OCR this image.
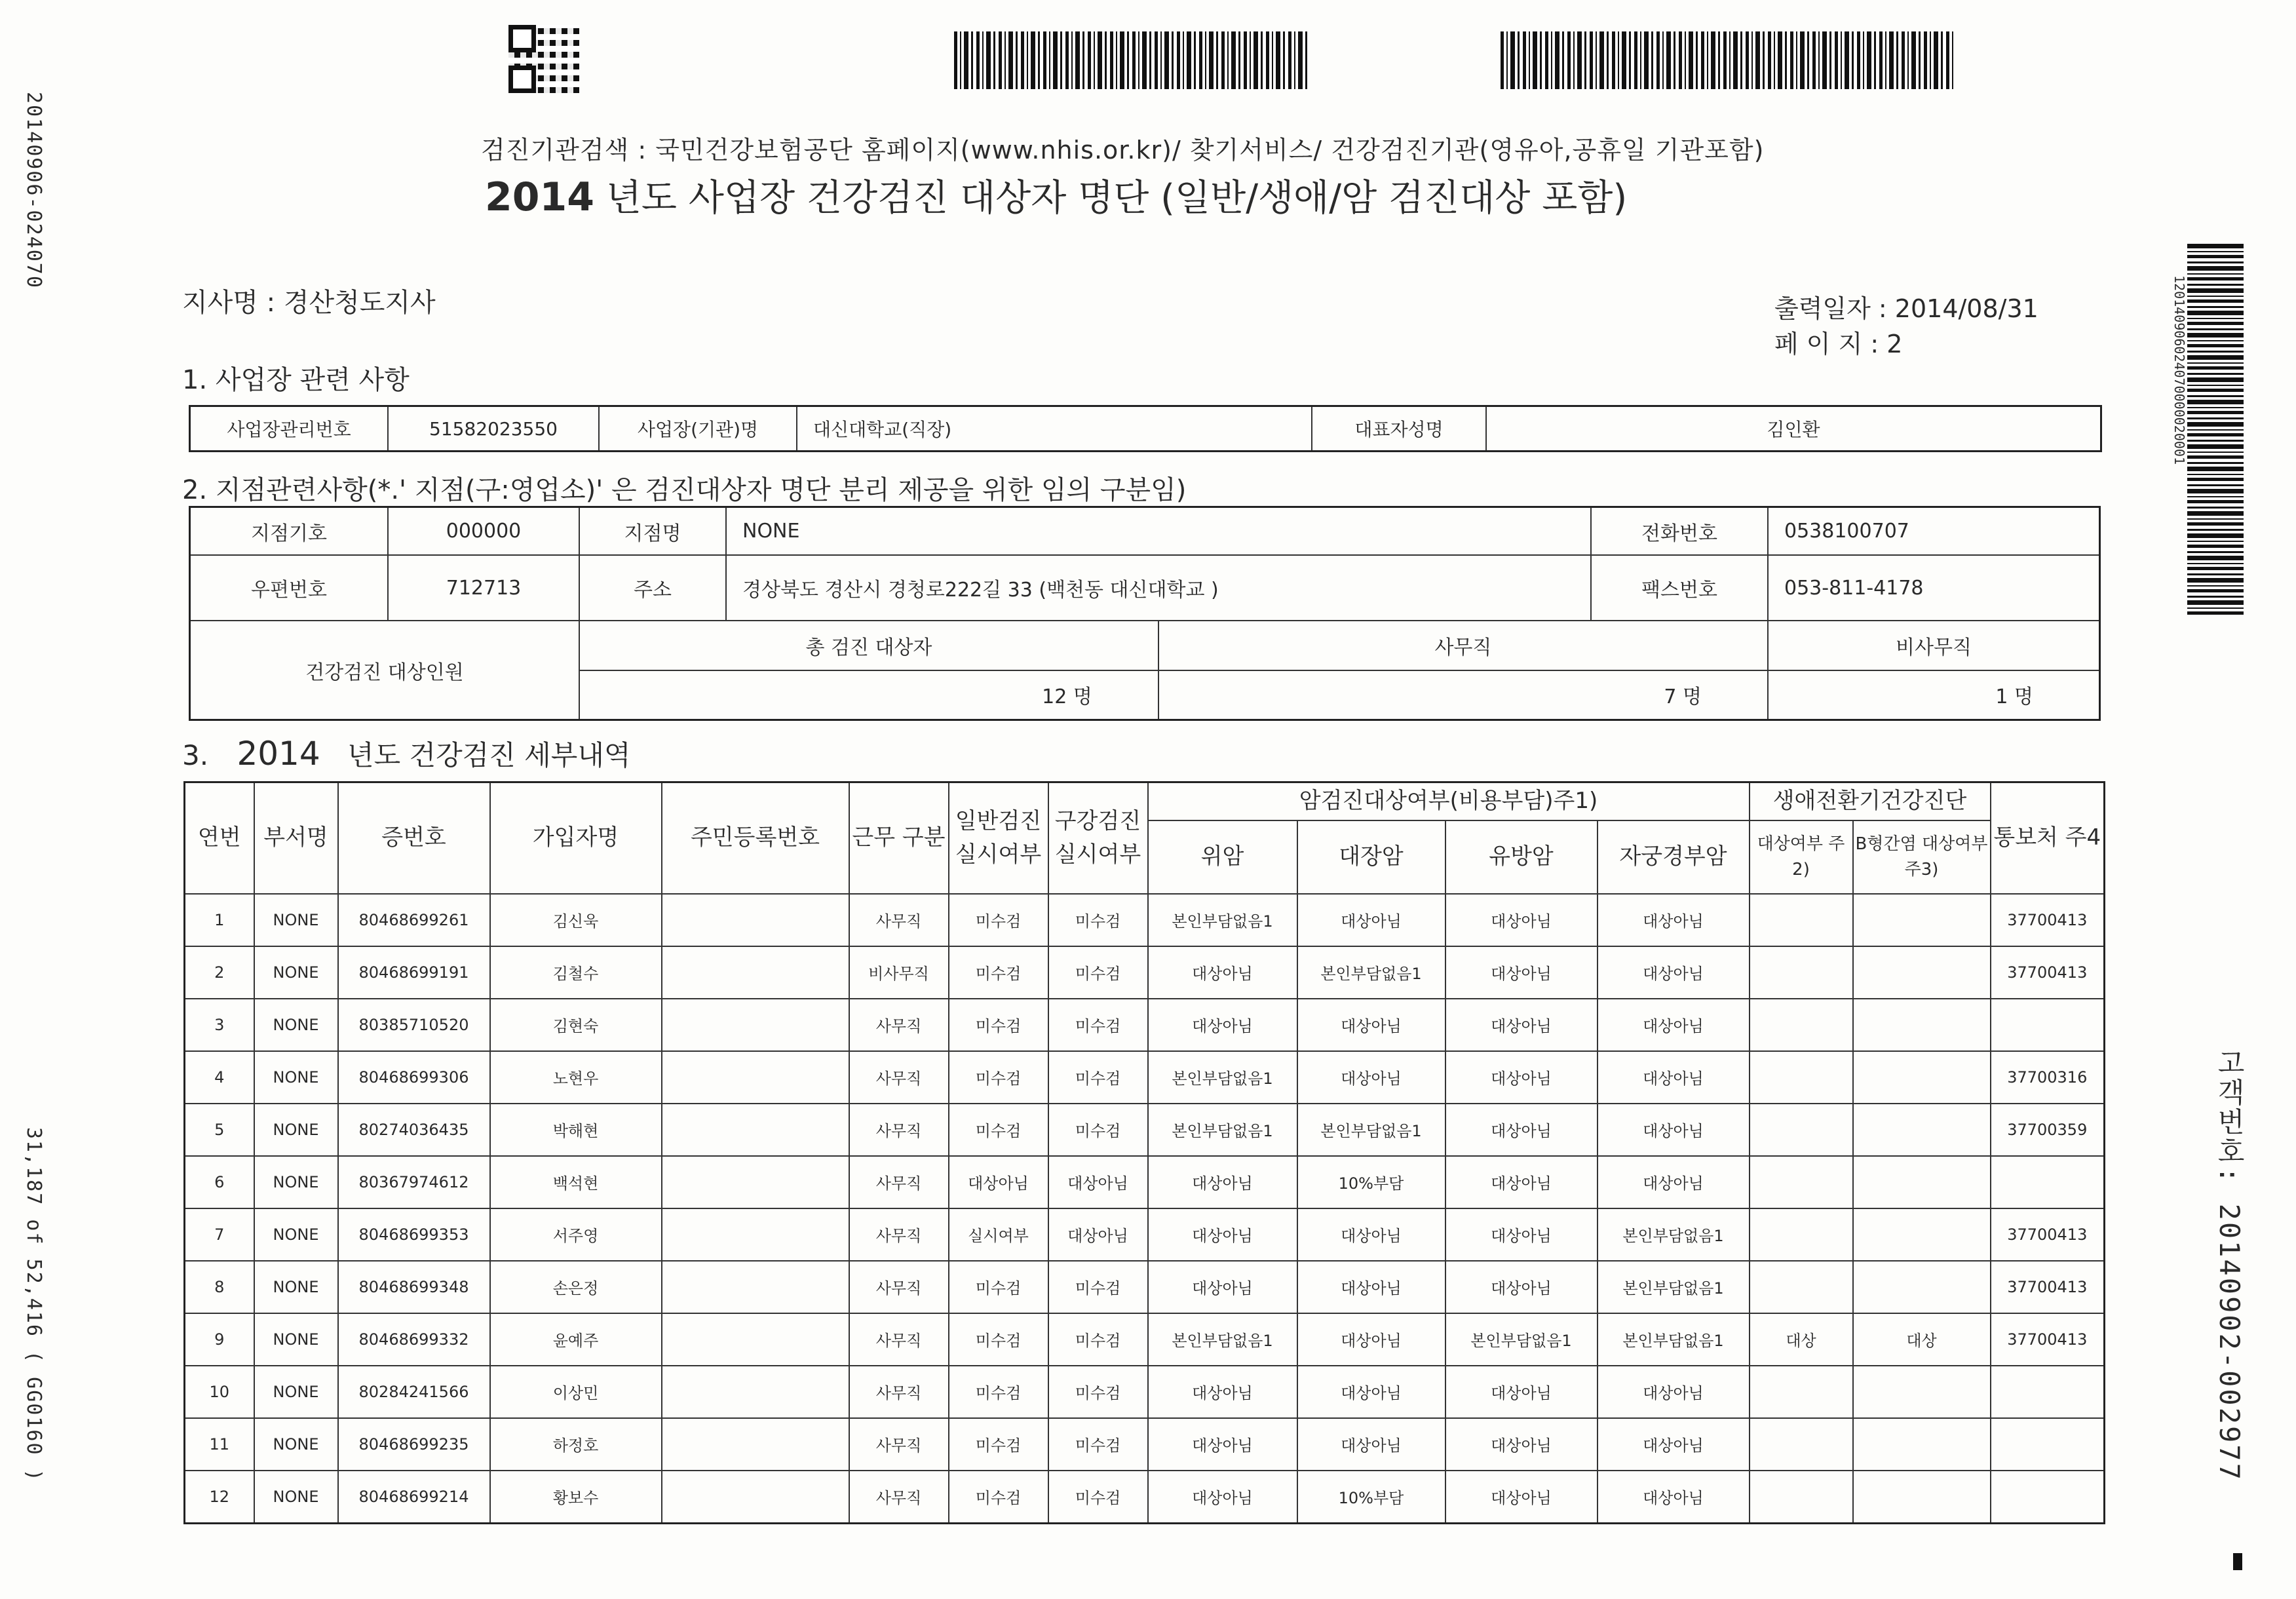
20140906-024070
31,187 of 52,416 ( GG0160 )
120140906024070000020001
고객번호: 20140902-002977
검진기관검색 : 국민건강보험공단 홈페이지(www.nhis.or.kr)/ 찾기서비스/ 건강검진기관(영유아,공휴일 기관포함)
2014 년도 사업장 건강검진 대상자 명단 (일반/생애/암 검진대상 포함)
지사명 : 경산청도지사	출력일자 : 2014/08/31
페 이 지 : 2
1. 사업장 관련 사항
사업장관리번호	51582023550	사업장(기관)명	대신대학교(직장)	대표자성명	김인환
2. 지점관련사항(*.' 지점(구:영업소)' 은 검진대상자 명단 분리 제공을 위한 임의 구분임)
지점기호	000000	지점명	NONE		전화번호	0538100707
우편번호	712713	주소	경상북도 경산시 경청로222길 33 (백천동 대신대학교 )		팩스번호	053-811-4178
건강검진 대상인원		총 검진 대상자		사무직		비사무직
		12 명		7 명		1 명
3. 2014 년도 건강검진 세부내역
연번	부서명	증번호	가입자명	주민등록번호	근무 구분	일반검진 실시여부	구강검진 실시여부	암검진대상여부(비용부담)주1)				생애전환기건강진단		통보처 주4
								위암	대장암	유방암	자궁경부암	대상여부 주2)	B형간염 대상여부 주3)	
1	NONE	80468699261	김신욱		사무직	미수검	미수검	본인부담없음1	대상아님	대상아님	대상아님			37700413
2	NONE	80468699191	김철수		비사무직	미수검	미수검	대상아님	본인부담없음1	대상아님	대상아님			37700413
3	NONE	80385710520	김현숙		사무직	미수검	미수검	대상아님	대상아님	대상아님	대상아님			
4	NONE	80468699306	노현우		사무직	미수검	미수검	본인부담없음1	대상아님	대상아님	대상아님			37700316
5	NONE	80274036435	박해현		사무직	미수검	미수검	본인부담없음1	본인부담없음1	대상아님	대상아님			37700359
6	NONE	80367974612	백석현		사무직	대상아님	대상아님	대상아님	10%부담	대상아님	대상아님			
7	NONE	80468699353	서주영		사무직	실시여부	대상아님	대상아님	대상아님	대상아님	본인부담없음1			37700413
8	NONE	80468699348	손은정		사무직	미수검	미수검	대상아님	대상아님	대상아님	본인부담없음1			37700413
9	NONE	80468699332	윤예주		사무직	미수검	미수검	본인부담없음1	대상아님	본인부담없음1	본인부담없음1	대상	대상	37700413
10	NONE	80284241566	이상민		사무직	미수검	미수검	대상아님	대상아님	대상아님	대상아님			
11	NONE	80468699235	하정호		사무직	미수검	미수검	대상아님	대상아님	대상아님	대상아님			
12	NONE	80468699214	황보수		사무직	미수검	미수검	대상아님	10%부담	대상아님	대상아님			
